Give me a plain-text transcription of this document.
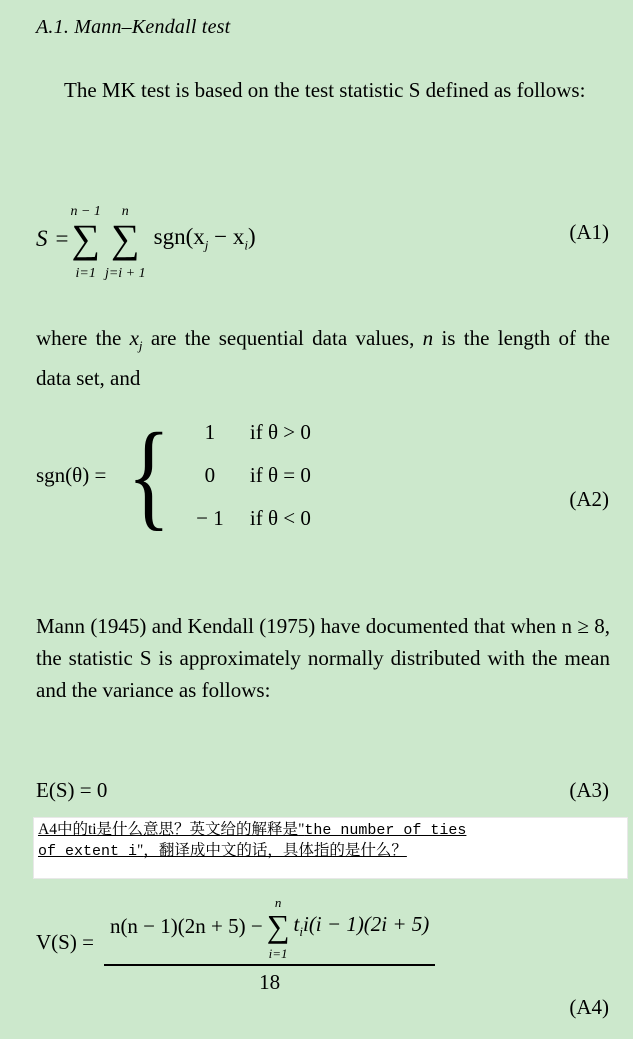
A.1. Mann–Kendall test
The MK test is based on the test statistic S defined as follows:
S =
n − 1
∑
i=1
n
∑
j=i + 1
$sgn(x_j - x_i)$	(A1)
where the $x_j$ are the sequential data values, n is the length of the data set, and
sgn(θ) = {	1	if θ > 0
0	if θ = 0
− 1	if θ < 0
(A2)
Mann (1945) and Kendall (1975) have documented that when n ≥ 8, the statistic S is approximately normally distributed with the mean and the variance as follows:
E(S) = 0	(A3)
A4中的ti是什么意思？英文给的解释是"the number of ties
of extent i"，翻译成中文的话，具体指的是什么？
V(S) =
n(n − 1)(2n + 5) −
n
∑
i=1
$t_ii(i - 1)(2i + 5)$
18
(A4)
